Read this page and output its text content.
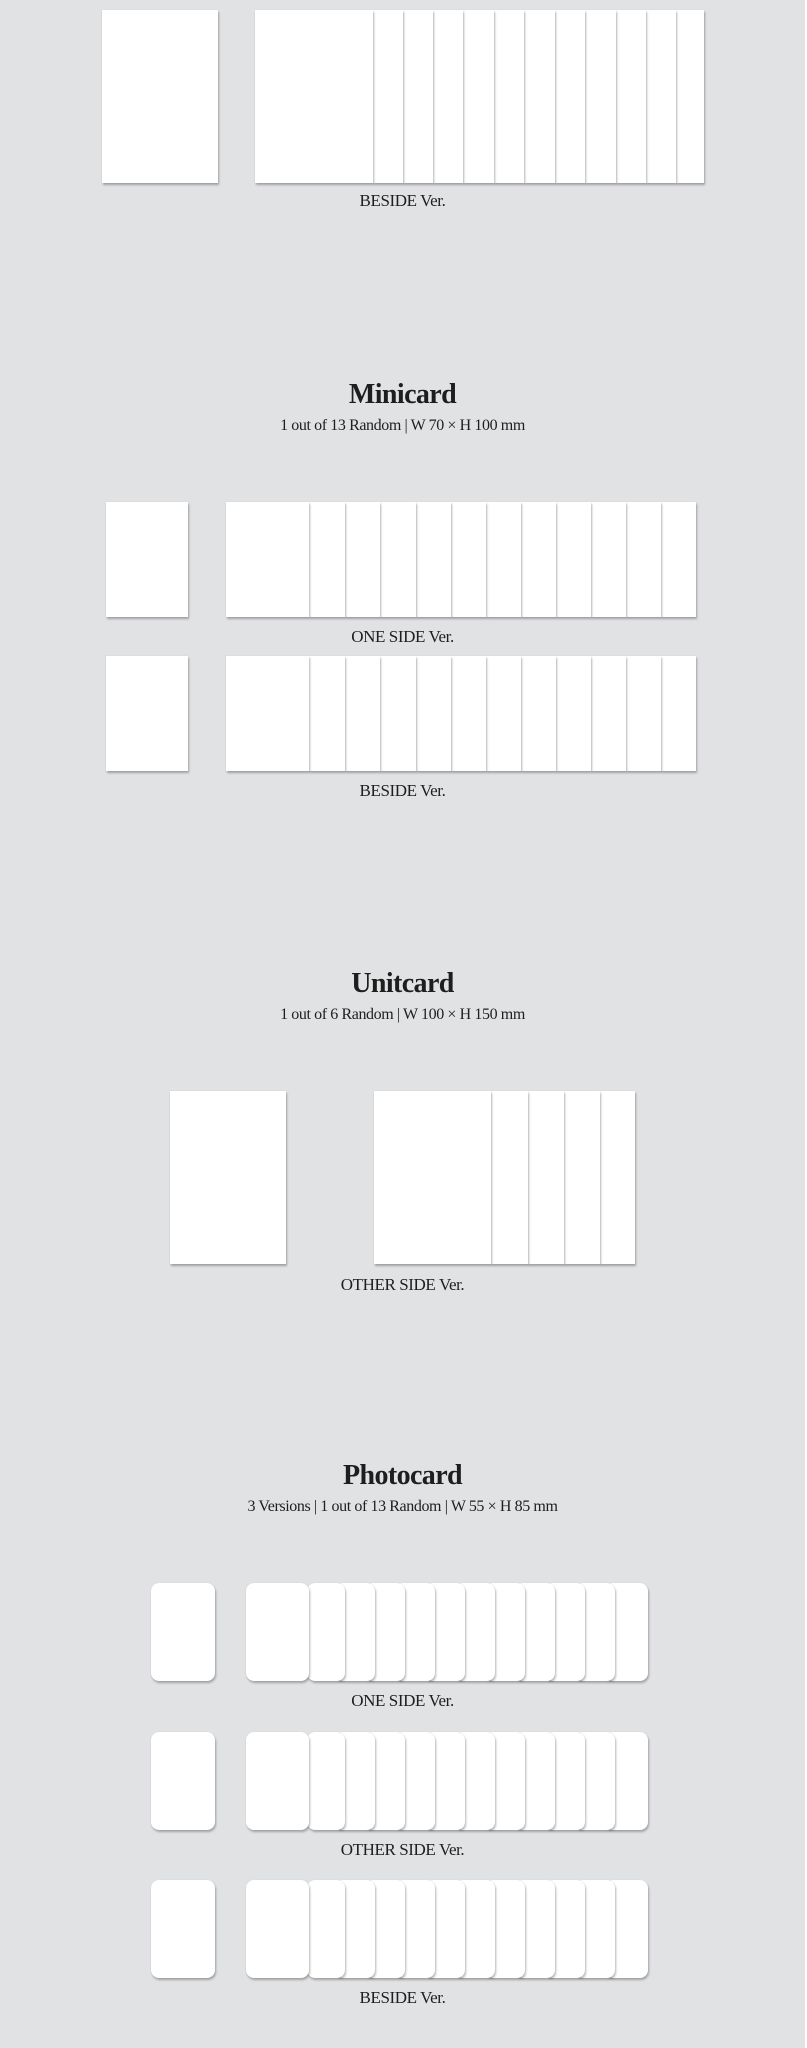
BESIDE Ver.
Minicard
1 out of 13 Random | W 70 × H 100 mm
ONE SIDE Ver.
BESIDE Ver.
Unitcard
1 out of 6 Random | W 100 × H 150 mm
OTHER SIDE Ver.
Photocard
3 Versions | 1 out of 13 Random | W 55 × H 85 mm
ONE SIDE Ver.
OTHER SIDE Ver.
BESIDE Ver.
